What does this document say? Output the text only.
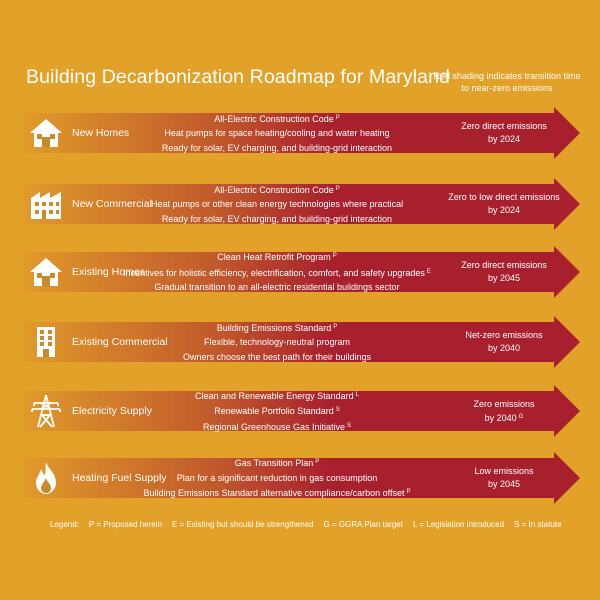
Building Decarbonization Roadmap for Maryland
Red shading indicates transition time to near-zero emissions
New Homes
All-Electric Construction Code $^P$
Heat pumps for space heating/cooling and water heating
Ready for solar, EV charging, and building-grid interaction
Zero direct emissions
by 2024
New Commercial
All-Electric Construction Code $^P$
Heat pumps or other clean energy technologies where practical
Ready for solar, EV charging, and building-grid interaction
Zero to low direct emissions
by 2024
Existing Homes
Clean Heat Retrofit Program $^P$
Incentives for holistic efficiency, electrification, comfort, and safety upgrades $^E$
Gradual transition to an all-electric residential buildings sector
Zero direct emissions
by 2045
Existing Commercial
Building Emissions Standard $^P$
Flexible, technology-neutral program
Owners choose the best path for their buildings
Net-zero emissions
by 2040
Electricity Supply
Clean and Renewable Energy Standard $^L$
Renewable Portfolio Standard $^S$
Regional Greenhouse Gas Initiative $^S$
Zero emissions
by 2040 $^G$
Heating Fuel Supply
Gas Transition Plan $^P$
Plan for a significant reduction in gas consumption
Building Emissions Standard alternative compliance/carbon offset $^P$
Low emissions
by 2045
Legend: P = Proposed herein E = Existing but should be strengthened G = GGRA Plan target L = Legislation introduced S = In statute
